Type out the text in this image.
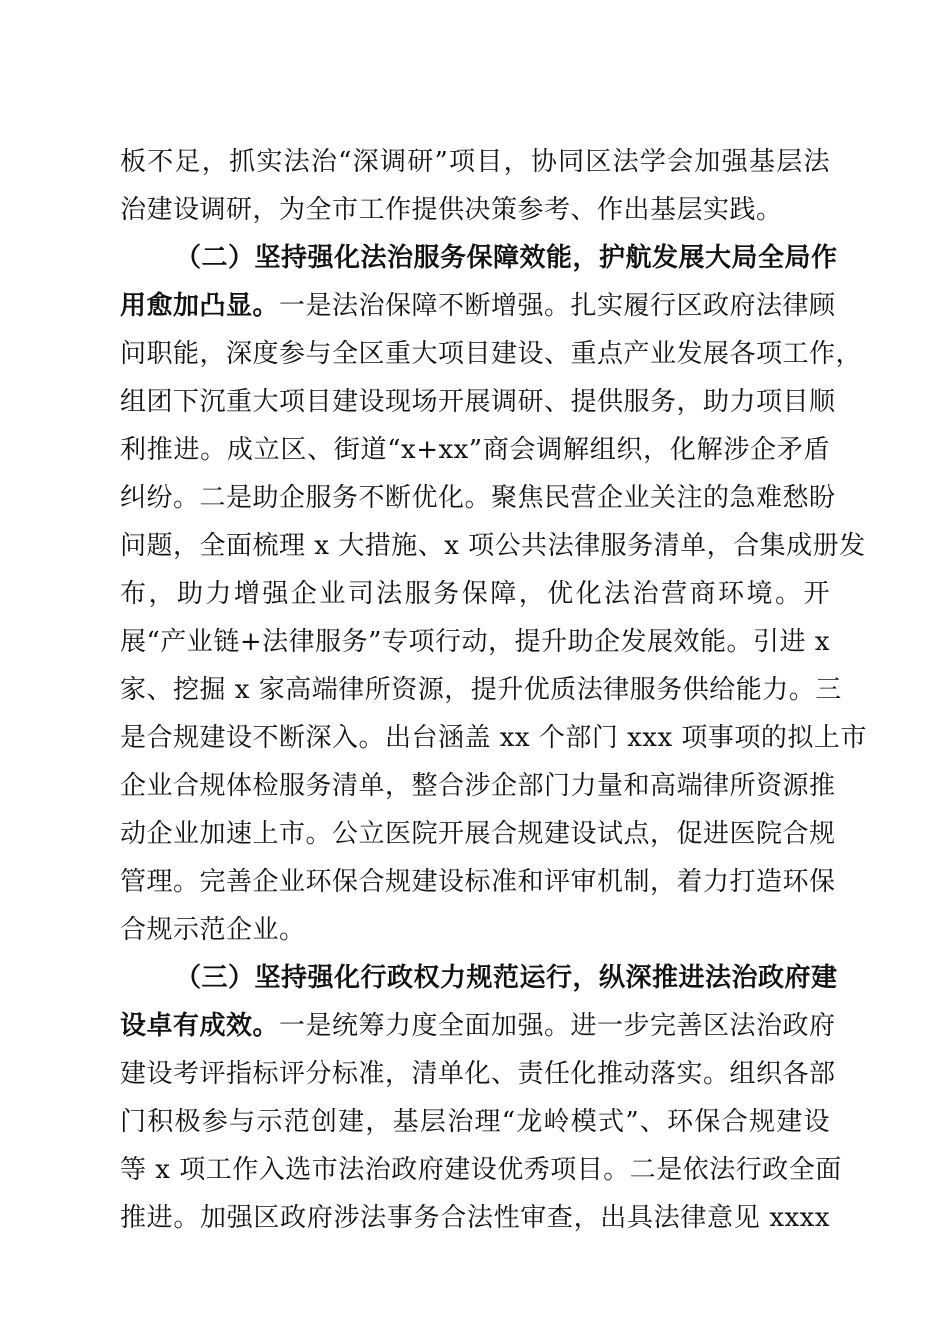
板不足，抓实法治“深调研”项目，协同区法学会加强基层法
治建设调研，为全市工作提供决策参考、作出基层实践。
（二）坚持强化法治服务保障效能，护航发展大局全局作
用愈加凸显。一是法治保障不断增强。扎实履行区政府法律顾
问职能，深度参与全区重大项目建设、重点产业发展各项工作，
组团下沉重大项目建设现场开展调研、提供服务，助力项目顺
利推进。成立区、街道“x+xx”商会调解组织，化解涉企矛盾
纠纷。二是助企服务不断优化。聚焦民营企业关注的急难愁盼
问题，全面梳理 x 大措施、x 项公共法律服务清单，合集成册发
布，助力增强企业司法服务保障，优化法治营商环境。开
展“产业链+法律服务”专项行动，提升助企发展效能。引进 x
家、挖掘 x 家高端律所资源，提升优质法律服务供给能力。三
是合规建设不断深入。出台涵盖 xx 个部门 xxx 项事项的拟上市
企业合规体检服务清单，整合涉企部门力量和高端律所资源推
动企业加速上市。公立医院开展合规建设试点，促进医院合规
管理。完善企业环保合规建设标准和评审机制，着力打造环保
合规示范企业。
（三）坚持强化行政权力规范运行，纵深推进法治政府建
设卓有成效。一是统筹力度全面加强。进一步完善区法治政府
建设考评指标评分标准，清单化、责任化推动落实。组织各部
门积极参与示范创建，基层治理“龙岭模式”、环保合规建设
等 x 项工作入选市法治政府建设优秀项目。二是依法行政全面
推进。加强区政府涉法事务合法性审查，出具法律意见 xxxx
